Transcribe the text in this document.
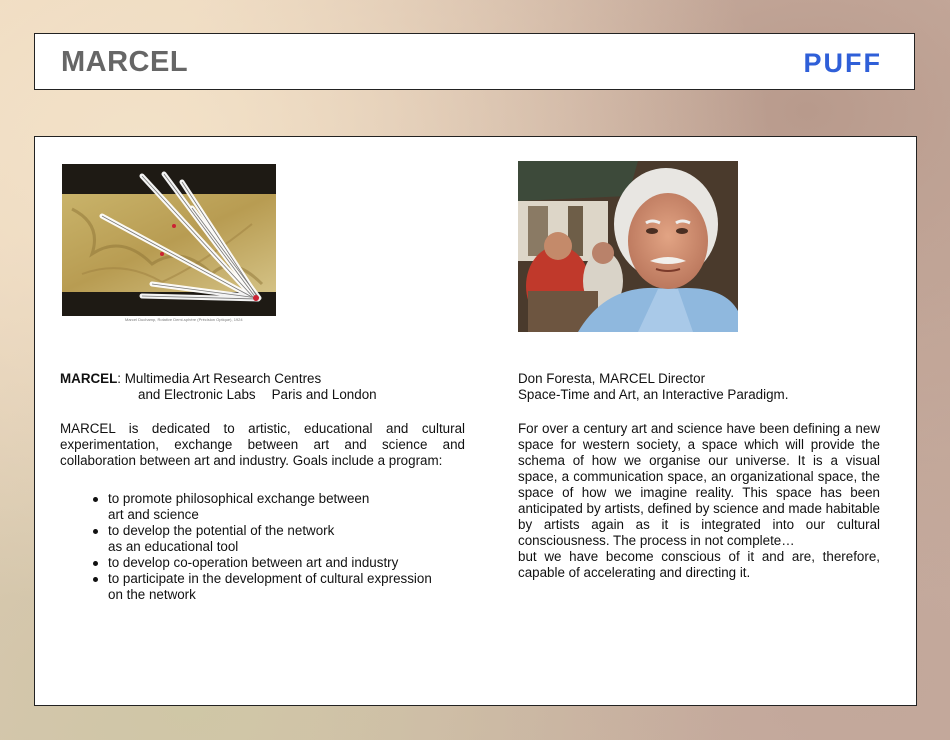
MARCEL	PUFF
Marcel Duchamp, Rotative Demi-sphère (Précision Optique), 1924

MARCEL: Multimedia Art Research Centres

and Electronic Labs Paris and London

MARCEL is dedicated to artistic, educational and cultural experimentation, exchange between art and science and collaboration between art and industry. Goals include a program:

to promote philosophical exchange between
art and science
to develop the potential of the network
as an educational tool
to develop co-operation between art and industry
to participate in the development of cultural expression
on the network

Don Foresta, MARCEL Director

Space-Time and Art, an Interactive Paradigm.

For over a century art and science have been defining a new space for western society, a space which will provide the schema of how we organise our universe. It is a visual space, a communication space, an organizational space, the space of how we imagine reality. This space has been anticipated by artists, defined by science and made habitable by artists again as it is integrated into our cultural consciousness. The process in not complete…

but we have become conscious of it and are, therefore, capable of accelerating and directing it.
